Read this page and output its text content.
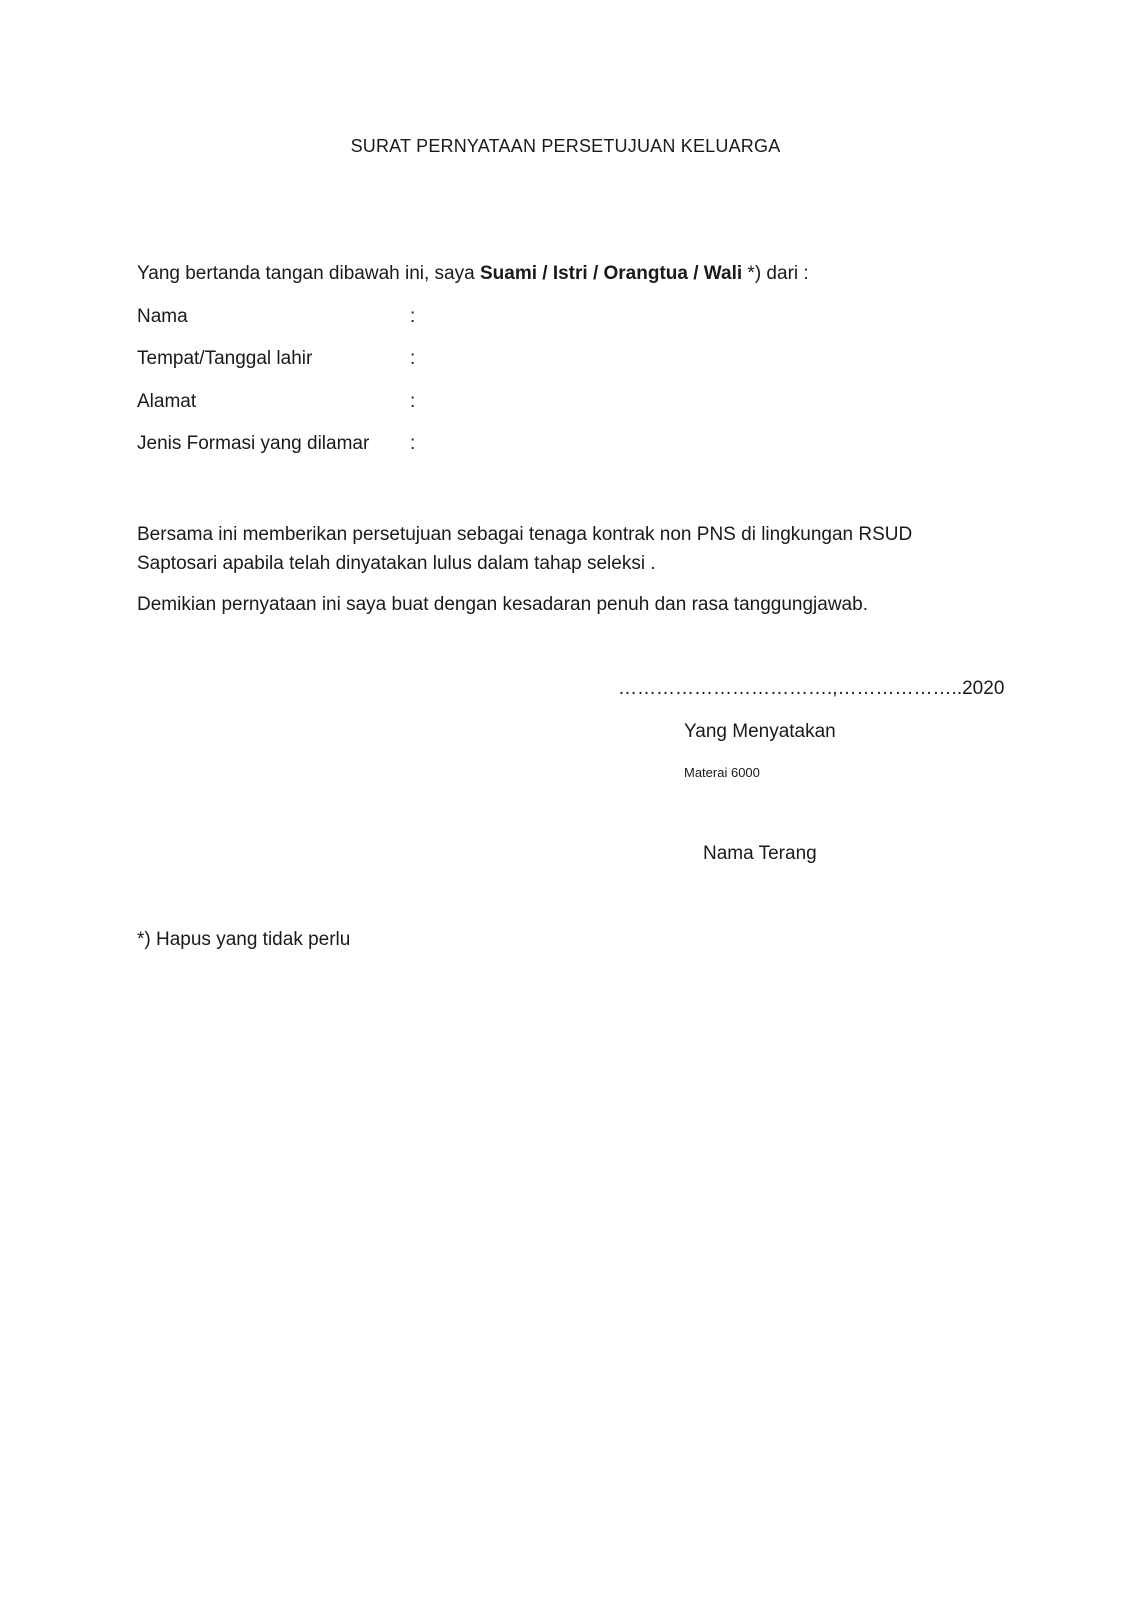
SURAT PERNYATAAN PERSETUJUAN KELUARGA
Yang bertanda tangan dibawah ini, saya Suami / Istri / Orangtua / Wali *) dari :
Nama	:
Tempat/Tanggal lahir	:
Alamat	:
Jenis Formasi yang dilamar :
Bersama ini memberikan persetujuan sebagai tenaga kontrak non PNS di lingkungan RSUD Saptosari apabila telah dinyatakan lulus dalam tahap seleksi .
Demikian pernyataan ini saya buat dengan kesadaran penuh dan rasa tanggungjawab.
…………………………….,………………..2020
Yang Menyatakan
Materai 6000
Nama Terang
*) Hapus yang tidak perlu
